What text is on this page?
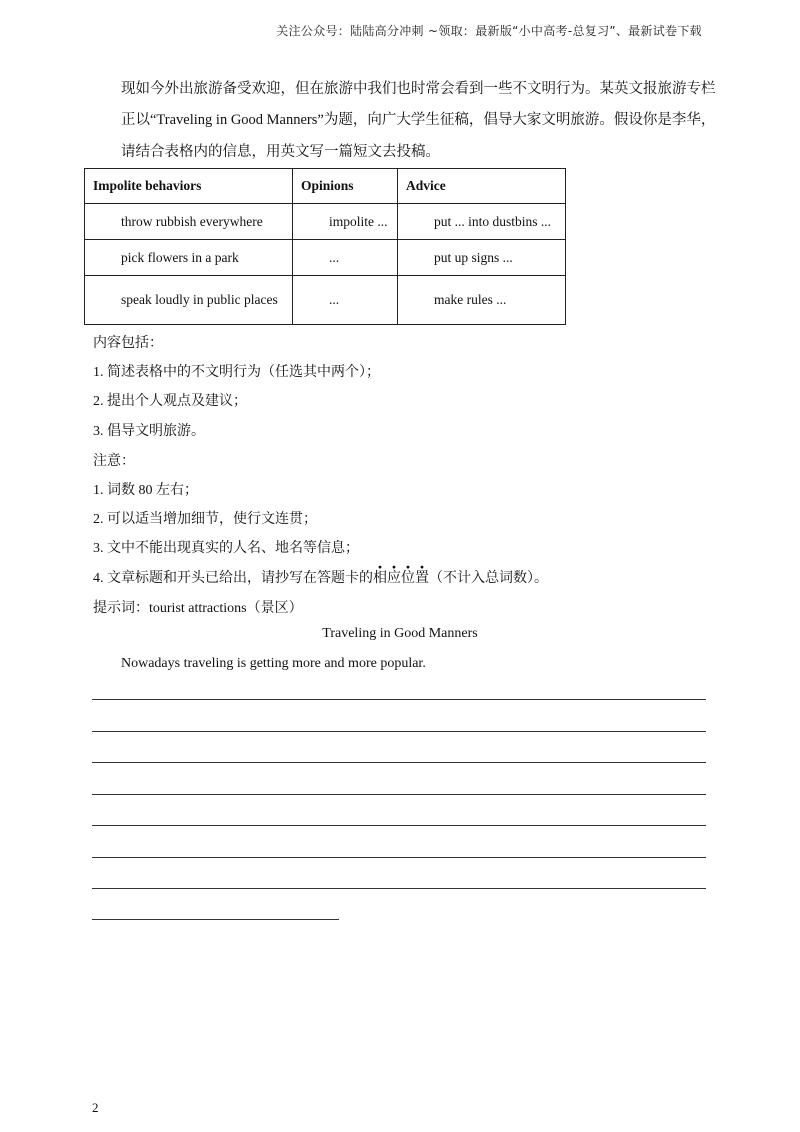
关注公众号：陆陆高分冲刺 ~领取：最新版“小中高考-总复习”、最新试卷下载
现如今外出旅游备受欢迎，但在旅游中我们也时常会看到一些不文明行为。某英文报旅游专栏
正以“Traveling in Good Manners”为题，向广大学生征稿，倡导大家文明旅游。假设你是李华，
请结合表格内的信息，用英文写一篇短文去投稿。
Impolite behaviors	Opinions	Advice
throw rubbish everywhere	impolite ...	put ... into dustbins ...
pick flowers in a park	...	put up signs ...
speak loudly in public places	...	make rules ...
内容包括：
1. 简述表格中的不文明行为（任选其中两个）；
2. 提出个人观点及建议；
3. 倡导文明旅游。
注意：
1. 词数 80 左右；
2. 可以适当增加细节，使行文连贯；
3. 文中不能出现真实的人名、地名等信息；
4. 文章标题和开头已给出，请抄写在答题卡的相应位置（不计入总词数）。
提示词：tourist attractions（景区）
Traveling in Good Manners
Nowadays traveling is getting more and more popular.
2
